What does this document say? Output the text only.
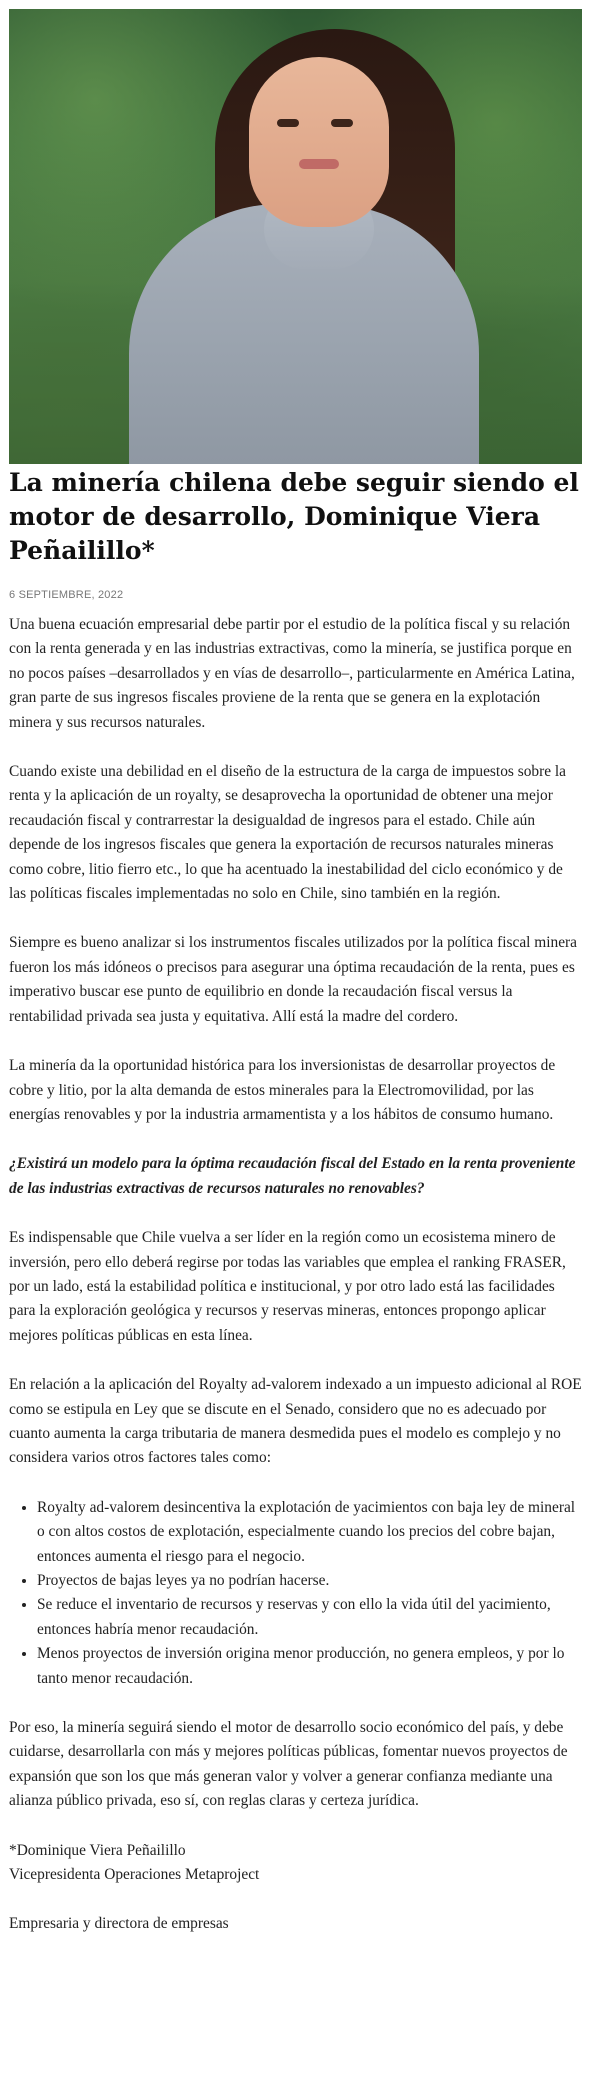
La minería chilena debe seguir siendo el motor de desarrollo, Dominique Viera Peñailillo*￼
6 SEPTIEMBRE, 2022

Una buena ecuación empresarial debe partir por el estudio de la política fiscal y su relación con la renta generada y en las industrias extractivas, como la minería, se justifica porque en no pocos países –desarrollados y en vías de desarrollo–, particularmente en América Latina, gran parte de sus ingresos fiscales proviene de la renta que se genera en la explotación minera y sus recursos naturales.

Cuando existe una debilidad en el diseño de la estructura de la carga de impuestos sobre la renta y la aplicación de un royalty, se desaprovecha la oportunidad de obtener una mejor recaudación fiscal y contrarrestar la desigualdad de ingresos para el estado. Chile aún depende de los ingresos fiscales que genera la exportación de recursos naturales mineras como cobre, litio fierro etc., lo que ha acentuado la inestabilidad del ciclo económico y de las políticas fiscales implementadas no solo en Chile, sino también en la región.

Siempre es bueno analizar si los instrumentos fiscales utilizados por la política fiscal minera fueron los más idóneos o precisos para asegurar una óptima recaudación de la renta, pues es imperativo buscar ese punto de equilibrio en donde la recaudación fiscal versus la rentabilidad privada sea justa y equitativa. Allí está la madre del cordero.

La minería da la oportunidad histórica para los inversionistas de desarrollar proyectos de cobre y litio, por la alta demanda de estos minerales para la Electromovilidad, por las energías renovables y por la industria armamentista y a los hábitos de consumo humano.

¿Existirá un modelo para la óptima recaudación fiscal del Estado en la renta proveniente de las industrias extractivas de recursos naturales no renovables?

Es indispensable que Chile vuelva a ser líder en la región como un ecosistema minero de inversión, pero ello deberá regirse por todas las variables que emplea el ranking FRASER, por un lado, está la estabilidad política e institucional, y por otro lado está las facilidades para la exploración geológica y recursos y reservas mineras, entonces propongo aplicar mejores políticas públicas en esta línea.

En relación a la aplicación del Royalty ad-valorem indexado a un impuesto adicional al ROE como se estipula en Ley que se discute en el Senado, considero que no es adecuado por cuanto aumenta la carga tributaria de manera desmedida pues el modelo es complejo y no considera varios otros factores tales como:

• Royalty ad-valorem desincentiva la explotación de yacimientos con baja ley de mineral o con altos costos de explotación, especialmente cuando los precios del cobre bajan, entonces aumenta el riesgo para el negocio.
• Proyectos de bajas leyes ya no podrían hacerse.
• Se reduce el inventario de recursos y reservas y con ello la vida útil del yacimiento, entonces habría menor recaudación.
• Menos proyectos de inversión origina menor producción, no genera empleos, y por lo tanto menor recaudación.

Por eso, la minería seguirá siendo el motor de desarrollo socio económico del país, y debe cuidarse, desarrollarla con más y mejores políticas públicas, fomentar nuevos proyectos de expansión que son los que más generan valor y volver a generar confianza mediante una alianza público privada, eso sí, con reglas claras y certeza jurídica.

*Dominique Viera Peñailillo

Vicepresidenta Operaciones Metaproject

Empresaria y directora de empresas
